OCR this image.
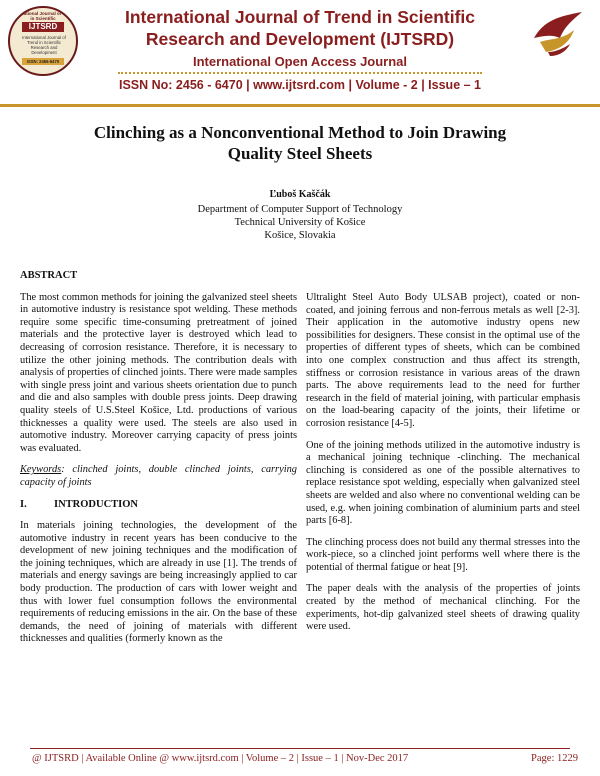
International Journal of Trend in Scientific
IJTSRD
International Journal of Trend in Scientific Research and Development
ISSN: 2456-6470
International Journal of Trend in Scientific
Research and Development (IJTSRD)
International Open Access Journal
ISSN No: 2456 - 6470 | www.ijtsrd.com | Volume - 2 | Issue – 1
Clinching as a Nonconventional Method to Join Drawing
Quality Steel Sheets
Ľuboš Kaščák
Department of Computer Support of Technology
Technical University of Košice
Košice, Slovakia
ABSTRACT

The most common methods for joining the galvanized steel sheets in automotive industry is resistance spot welding. These methods require some specific time-consuming pretreatment of joined materials and the protective layer is destroyed which lead to decreasing of corrosion resistance. Therefore, it is necessary to utilize the other joining methods. The contribution deals with analysis of properties of clinched joints. There were made samples with single press joint and various sheets orientation due to punch and die and also samples with double press joints. Deep drawing quality steels of U.S.Steel Košice, Ltd. productions of various thicknesses a quality were used. The steels are also used in automotive industry. Moreover carrying capacity of press joints was evaluated.

Keywords: clinched joints, double clinched joints, carrying capacity of joints

I.	INTRODUCTION

In materials joining technologies, the development of the automotive industry in recent years has been conducive to the development of new joining techniques and the modification of the joining techniques, which are already in use [1]. The trends of materials and energy savings are being increasingly applied to car body production. The production of cars with lower weight and thus with lower fuel consumption follows the environmental requirements of reducing emissions in the air. On the base of these demands, the need of joining of materials with different thicknesses and qualities (formerly known as the

Ultralight Steel Auto Body ULSAB project), coated or non-coated, and joining ferrous and non-ferrous metals as well [2-3]. Their application in the automotive industry opens new possibilities for designers. These consist in the optimal use of the properties of different types of sheets, which can be combined into one complex construction and thus affect its strength, stiffness or corrosion resistance in various areas of the drawn parts. The above requirements lead to the need for further research in the field of material joining, with particular emphasis on the load-bearing capacity of the joints, their lifetime or corrosion resistance [4-5].

One of the joining methods utilized in the automotive industry is a mechanical joining technique -clinching. The mechanical clinching is considered as one of the possible alternatives to replace resistance spot welding, especially when galvanized steel sheets are welded and also where no conventional welding can be used, e.g. when joining combination of aluminium parts and steel parts [6-8].

The clinching process does not build any thermal stresses into the work-piece, so a clinched joint performs well where there is the potential of thermal fatigue or heat [9].

The paper deals with the analysis of the properties of joints created by the method of mechanical clinching. For the experiments, hot-dip galvanized steel sheets of drawing quality were used.

@ IJTSRD | Available Online @ www.ijtsrd.com | Volume – 2 | Issue – 1 | Nov-Dec 2017	Page: 1229
